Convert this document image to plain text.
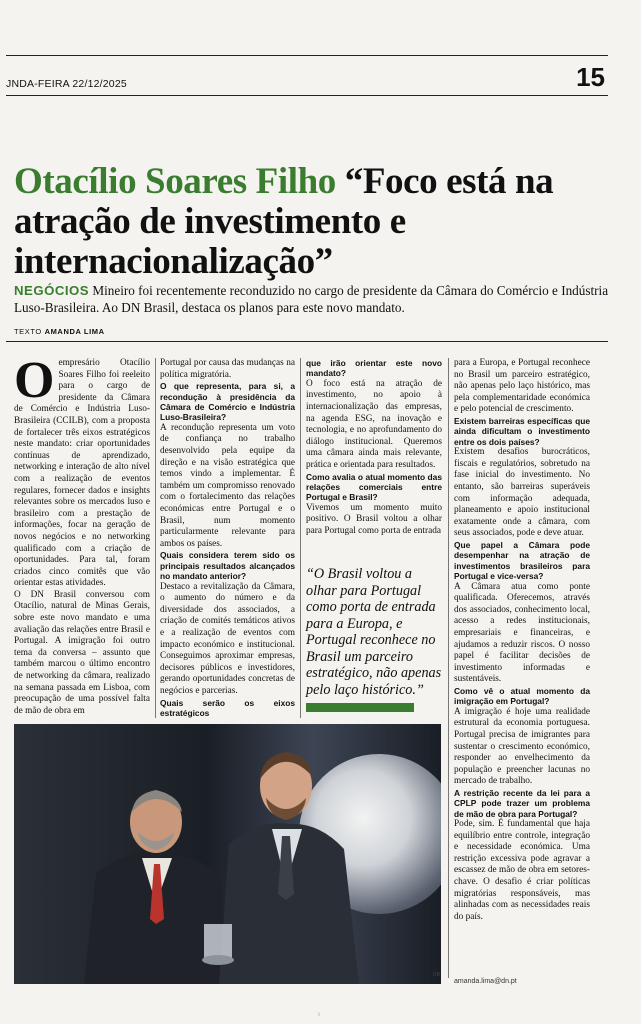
JNDA-FEIRA 22/12/2025	15
Otacílio Soares Filho “Foco está na atração de investimento e internacionalização”
NEGÓCIOS Mineiro foi recentemente reconduzido no cargo de presidente da Câmara do Comércio e Indústria Luso-Brasileira. Ao DN Brasil, destaca os planos para este novo mandato.
TEXTO AMANDA LIMA

O empresário Otacílio Soares Filho foi reeleito para o cargo de presidente da Câmara de Comércio e Indústria Luso-Brasileira (CCILB), com a proposta de fortalecer três eixos estratégicos neste mandato: criar oportunidades contínuas de aprendizado, networking e interação de alto nível com a realização de eventos regulares, fornecer dados e insights relevantes sobre os mercados luso e brasileiro com a prestação de informações, focar na geração de novos negócios e no networking qualificado com a criação de oportunidades. Para tal, foram criados cinco comitês que vão orientar estas atividades.

O DN Brasil conversou com Otacílio, natural de Minas Gerais, sobre este novo mandato e uma avaliação das relações entre Brasil e Portugal. A imigração foi outro tema da conversa – assunto que também marcou o último encontro de networking da câmara, realizado na semana passada em Lisboa, com preocupação de uma possível falta de mão de obra em

Portugal por causa das mudanças na política migratória.

O que representa, para si, a recondução à presidência da Câmara de Comércio e Indústria Luso-Brasileira?

A recondução representa um voto de confiança no trabalho desenvolvido pela equipe da direção e na visão estratégica que temos vindo a implementar. É também um compromisso renovado com o fortalecimento das relações económicas entre Portugal e o Brasil, num momento particularmente relevante para ambos os países.

Quais considera terem sido os principais resultados alcançados no mandato anterior?

Destaco a revitalização da Câmara, o aumento do número e da diversidade dos associados, a criação de comités temáticos ativos e a realização de eventos com impacto económico e institucional. Conseguimos aproximar empresas, decisores públicos e investidores, gerando oportunidades concretas de negócios e parcerias.

Quais serão os eixos estratégicos

que irão orientar este novo mandato?

O foco está na atração de investimento, no apoio à internacionalização das empresas, na agenda ESG, na inovação e tecnologia, e no aprofundamento do diálogo institucional. Queremos uma câmara ainda mais relevante, prática e orientada para resultados.

Como avalia o atual momento das relações comerciais entre Portugal e Brasil?

Vivemos um momento muito positivo. O Brasil voltou a olhar para Portugal como porta de entrada

“O Brasil voltou a olhar para Portugal como porta de entrada para a Europa, e Portugal reconhece no Brasil um parceiro estratégico, não apenas pelo laço histórico.”

para a Europa, e Portugal reconhece no Brasil um parceiro estratégico, não apenas pelo laço histórico, mas pela complementaridade económica e pelo potencial de crescimento.

Existem barreiras específicas que ainda dificultam o investimento entre os dois países?

Existem desafios burocráticos, fiscais e regulatórios, sobretudo na fase inicial do investimento. No entanto, são barreiras superáveis com informação adequada, planeamento e apoio institucional exatamente onde a câmara, com seus associados, pode e deve atuar.

Que papel a Câmara pode desempenhar na atração de investimentos brasileiros para Portugal e vice-versa?

A Câmara atua como ponte qualificada. Oferecemos, através dos associados, conhecimento local, acesso a redes institucionais, empresariais e financeiras, e ajudamos a reduzir riscos. O nosso papel é facilitar decisões de investimento informadas e sustentáveis.

Como vê o atual momento da imigração em Portugal?

A imigração é hoje uma realidade estrutural da economia portuguesa. Portugal precisa de imigrantes para sustentar o crescimento económico, responder ao envelhecimento da população e preencher lacunas no mercado de trabalho.

A restrição recente da lei para a CPLP pode trazer um problema de mão de obra para Portugal?

Pode, sim. É fundamental que haja equilíbrio entre controle, integração e necessidade económica. Uma restrição excessiva pode agravar a escassez de mão de obra em setores-chave. O desafio é criar políticas migratórias responsáveis, mas alinhadas com as necessidades reais do país.

DR
amanda.lima@dn.pt
¹
